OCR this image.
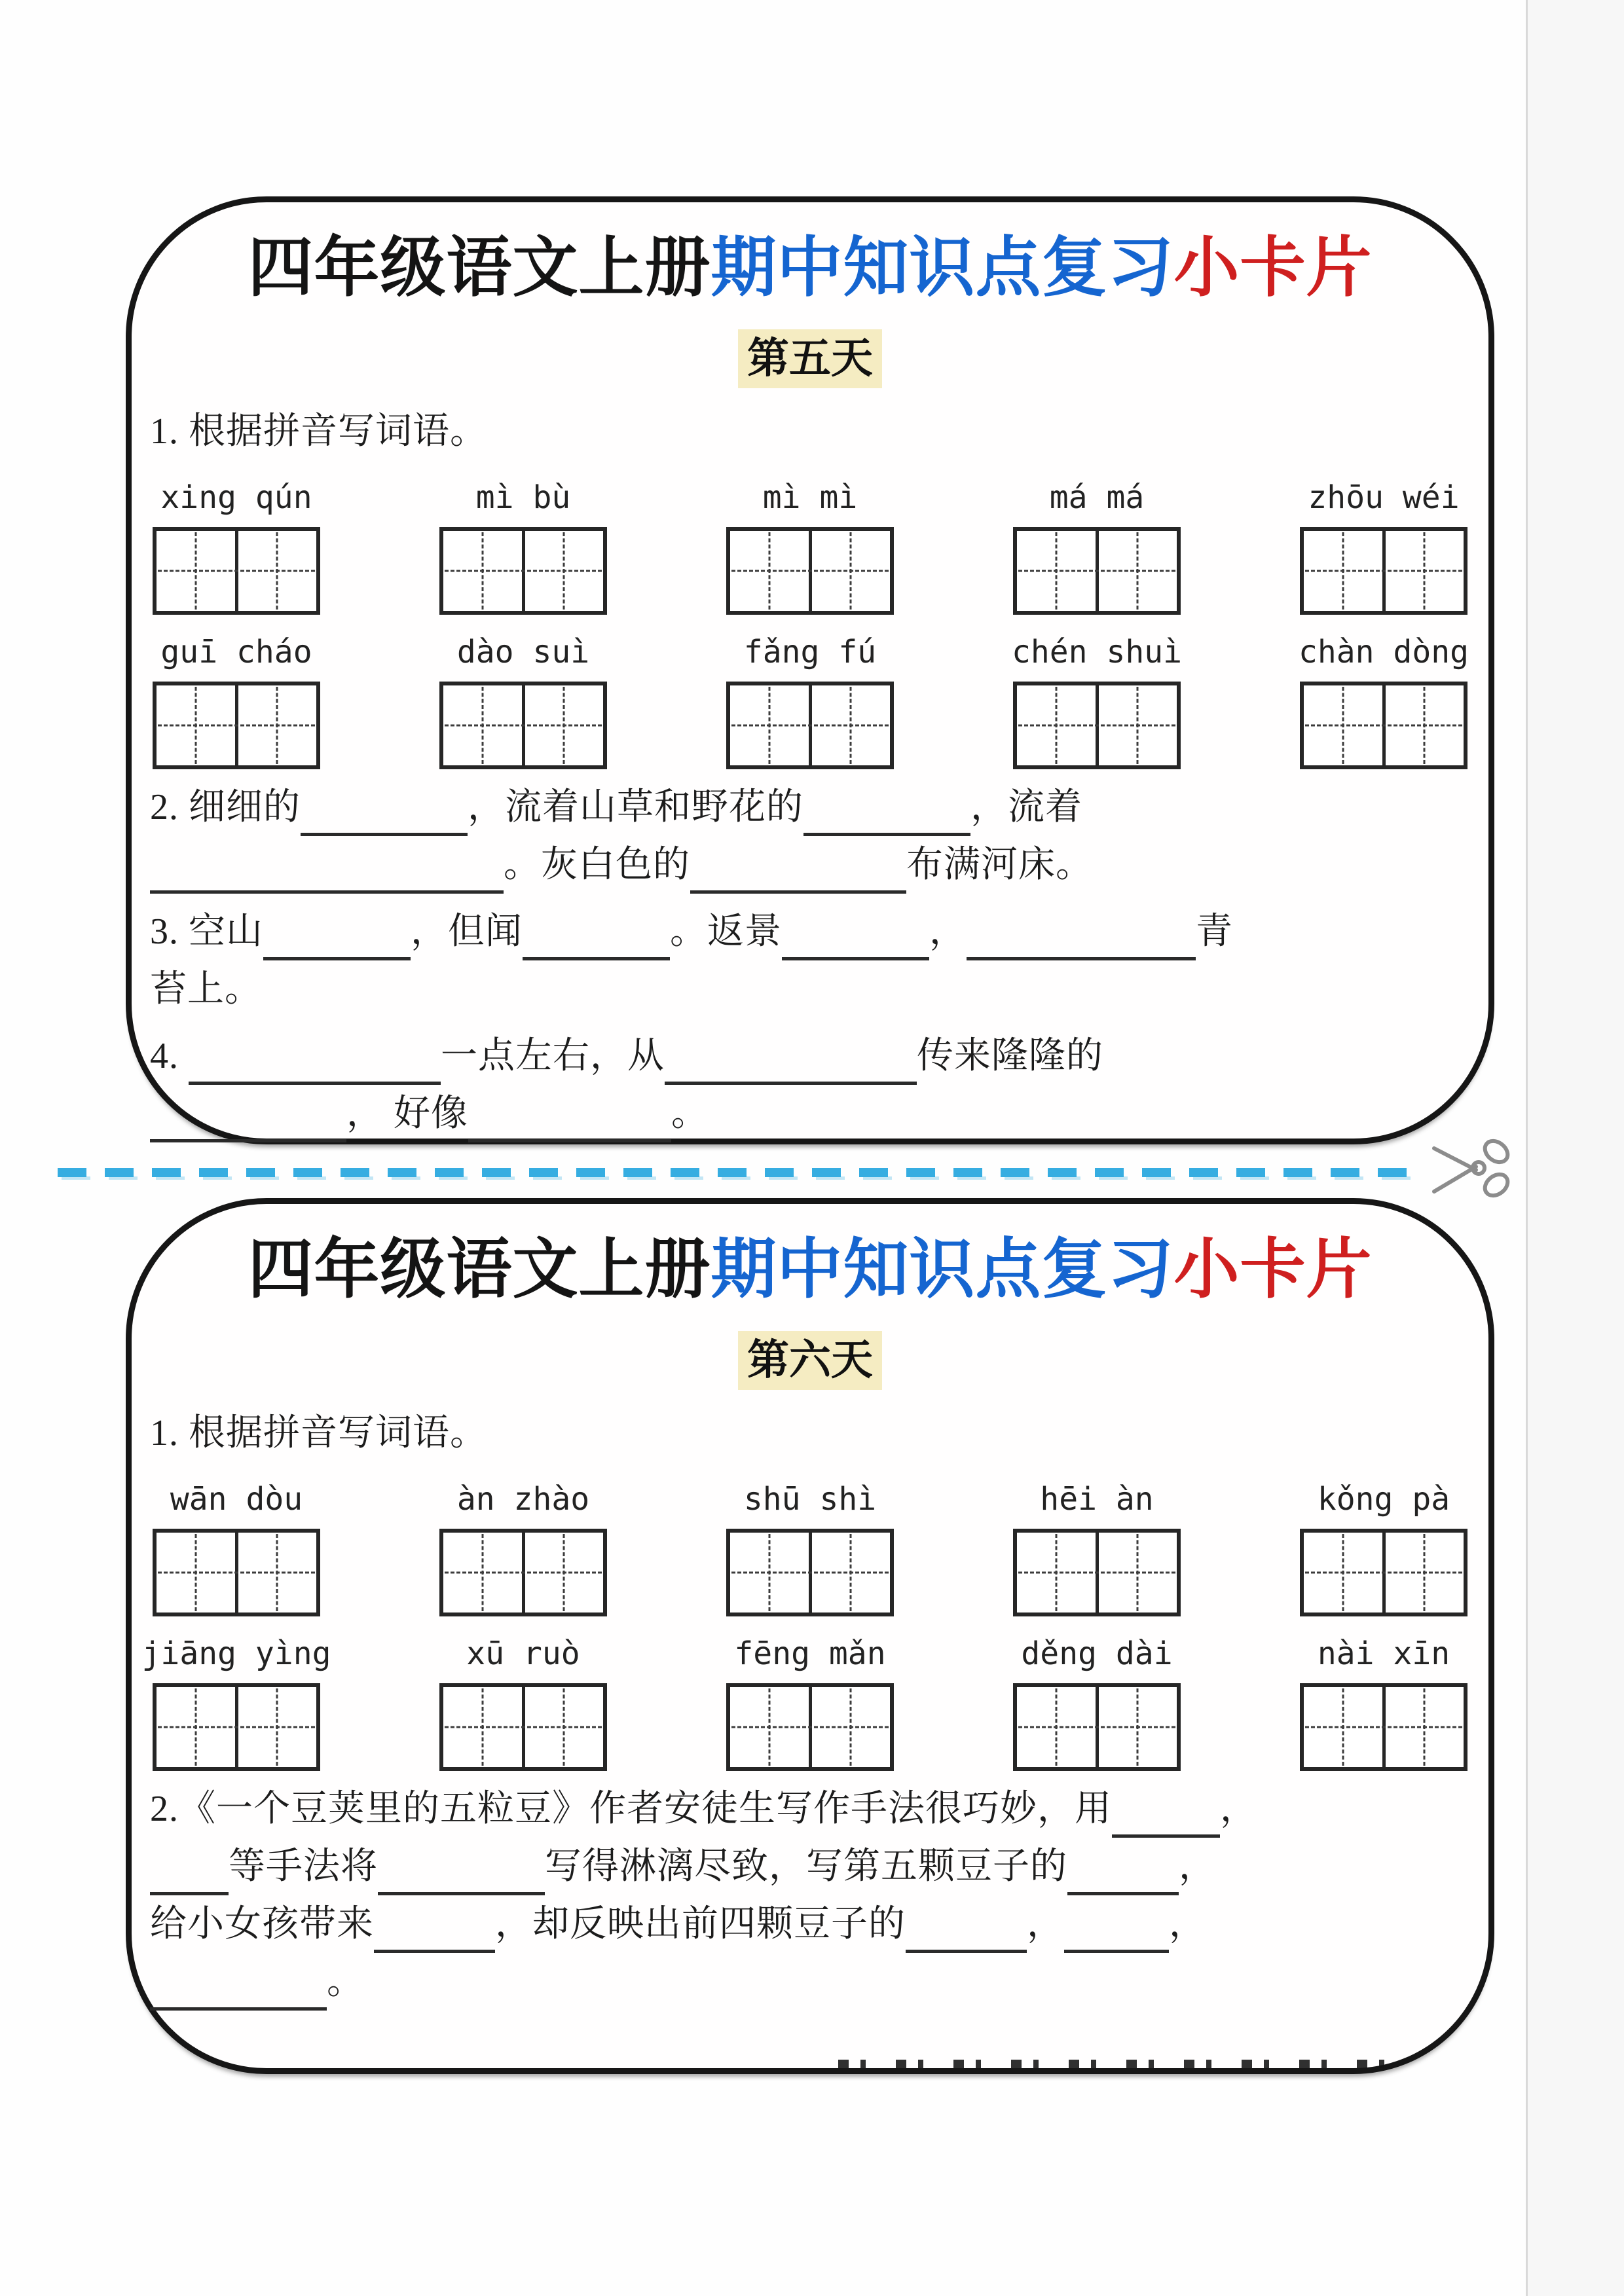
四年级语文上册期中知识点复习小卡片
第五天

1. 根据拼音写词语。

xing qún	mì bù	mì mì	má má	zhōu wéi
guī cháo	dào suì	fǎng fú	chén shuì	chàn dòng

2. 细细的	，流着山草和野花的	，流着

。灰白色的	布满河床。

3. 空山	，但闻	。返景	，	青

苔上。

4.	一点左右，从	传来隆隆的

， 好像	。

四年级语文上册期中知识点复习小卡片
第六天

1. 根据拼音写词语。

wān dòu	àn zhào	shū shì	hēi àn	kǒng pà
jiāng yìng	xū ruò	fēng mǎn	děng dài	nài xīn

2.《一个豆荚里的五粒豆》作者安徒生写作手法很巧妙，用	，

等手法将	写得淋漓尽致，写第五颗豆子的	，

给小女孩带来	，却反映出前四颗豆子的	，	，

。
